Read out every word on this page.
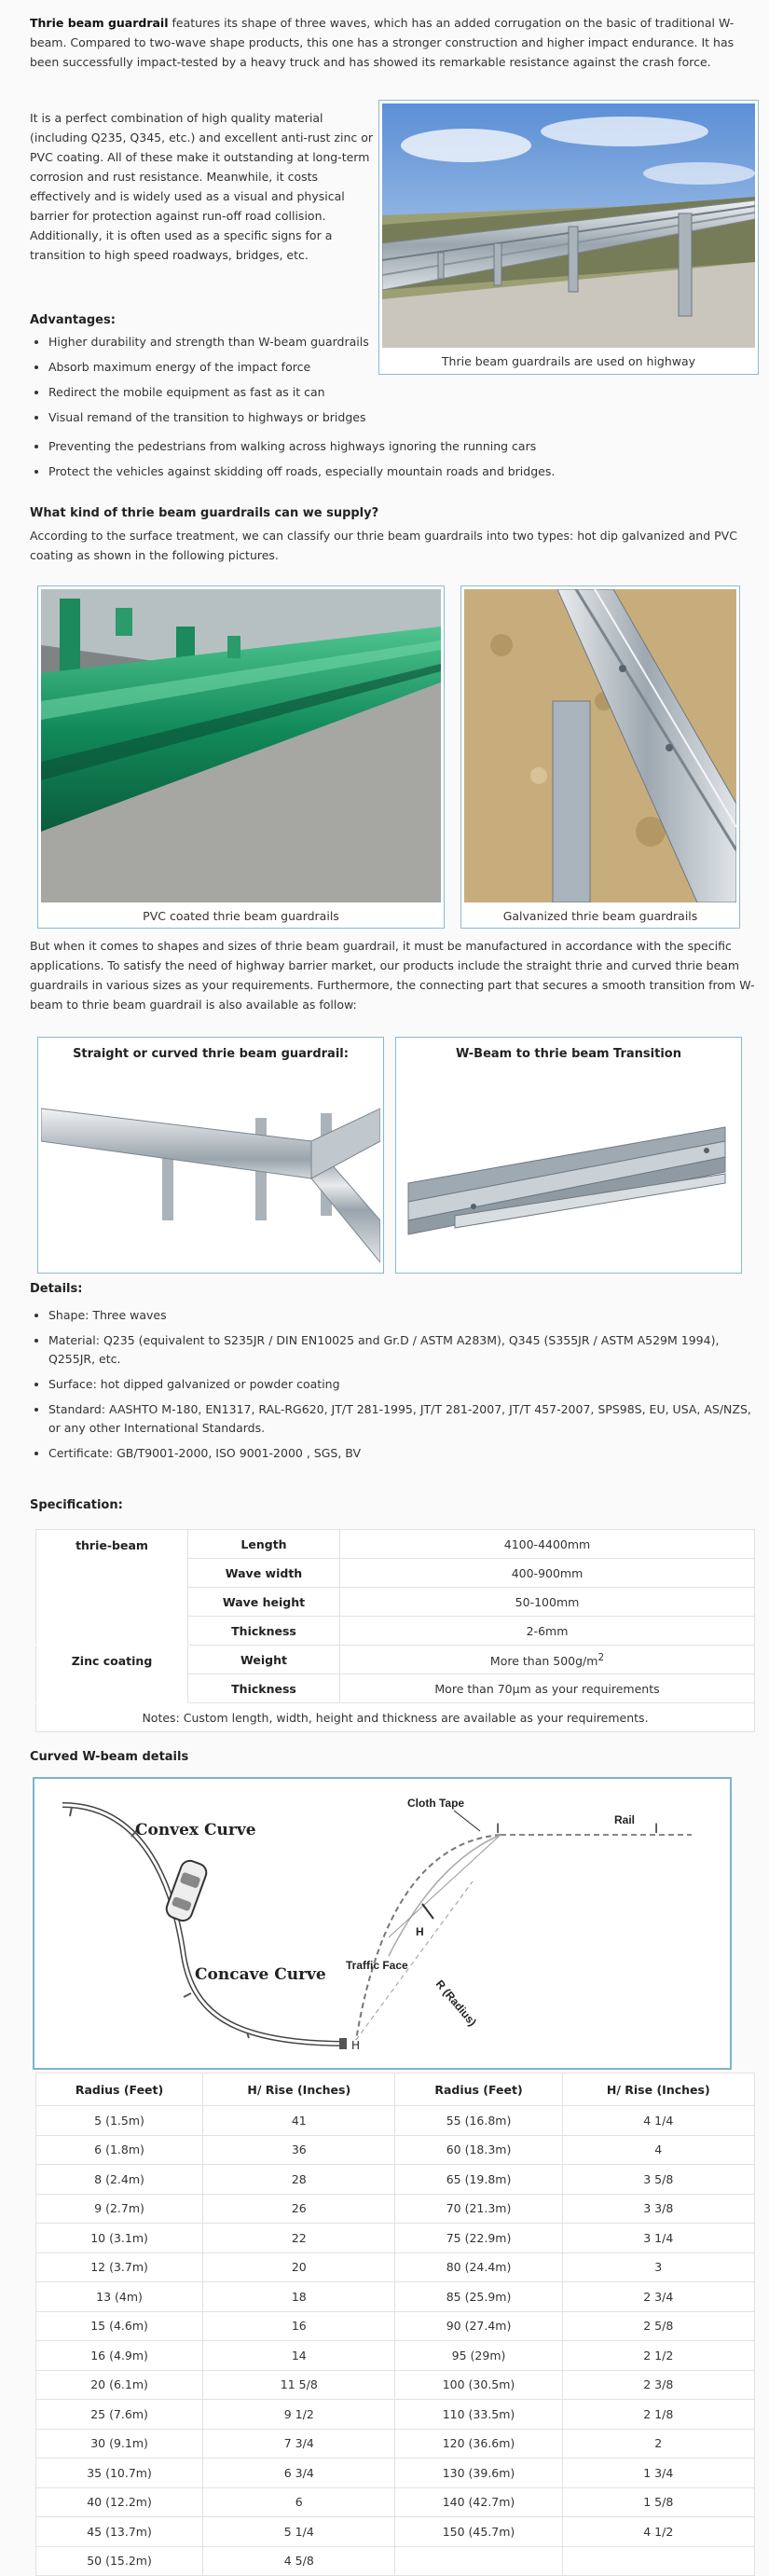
Thrie beam guardrail features its shape of three waves, which has an added corrugation on the basic of traditional W-beam. Compared to two-wave shape products, this one has a stronger construction and higher impact endurance. It has been successfully impact-tested by a heavy truck and has showed its remarkable resistance against the crash force.

It is a perfect combination of high quality material (including Q235, Q345, etc.) and excellent anti-rust zinc or PVC coating. All of these make it outstanding at long-term corrosion and rust resistance. Meanwhile, it costs effectively and is widely used as a visual and physical barrier for protection against run-off road collision. Additionally, it is often used as a specific signs for a transition to high speed roadways, bridges, etc.

Thrie beam guardrails are used on highway
Advantages:
• Higher durability and strength than W-beam guardrails
• Absorb maximum energy of the impact force
• Redirect the mobile equipment as fast as it can
• Visual remand of the transition to highways or bridges
• Preventing the pedestrians from walking across highways ignoring the running cars
• Protect the vehicles against skidding off roads, especially mountain roads and bridges.
What kind of thrie beam guardrails can we supply?

According to the surface treatment, we can classify our thrie beam guardrails into two types: hot dip galvanized and PVC coating as shown in the following pictures.

PVC coated thrie beam guardrails	Galvanized thrie beam guardrails

But when it comes to shapes and sizes of thrie beam guardrail, it must be manufactured in accordance with the specific applications. To satisfy the need of highway barrier market, our products include the straight thrie and curved thrie beam guardrails in various sizes as your requirements. Furthermore, the connecting part that secures a smooth transition from W-beam to thrie beam guardrail is also available as follow:

Straight or curved thrie beam guardrail:	W-Beam to thrie beam Transition
Details:
• Shape: Three waves
• Material: Q235 (equivalent to S235JR / DIN EN10025 and Gr.D / ASTM A283M), Q345 (S355JR / ASTM A529M 1994), Q255JR, etc.
• Surface: hot dipped galvanized or powder coating
• Standard: AASHTO M-180, EN1317, RAL-RG620, JT/T 281-1995, JT/T 281-2007, JT/T 457-2007, SPS98S, EU, USA, AS/NZS, or any other International Standards.
• Certificate: GB/T9001-2000, ISO 9001-2000 , SGS, BV
Specification:
thrie-beam	Length	4100-4400mm
	Wave width	400-900mm
	Wave height	50-100mm
	Thickness	2-6mm
Zinc coating	Weight	More than $500g/m^2$
	Thickness	More than 70μm as your requirements
Notes: Custom length, width, height and thickness are available as your requirements.		
Curved W-beam details
Convex Curve
Concave Curve
I	I
H
Cloth Tape
Rail
H
Traffic Face
R (Radius)
Radius (Feet)	H/ Rise (Inches)	Radius (Feet)	H/ Rise (Inches)
5 (1.5m)	41	55 (16.8m)	4 1/4
6 (1.8m)	36	60 (18.3m)	4
8 (2.4m)	28	65 (19.8m)	3 5/8
9 (2.7m)	26	70 (21.3m)	3 3/8
10 (3.1m)	22	75 (22.9m)	3 1/4
12 (3.7m)	20	80 (24.4m)	3
13 (4m)	18	85 (25.9m)	2 3/4
15 (4.6m)	16	90 (27.4m)	2 5/8
16 (4.9m)	14	95 (29m)	2 1/2
20 (6.1m)	11 5/8	100 (30.5m)	2 3/8
25 (7.6m)	9 1/2	110 (33.5m)	2 1/8
30 (9.1m)	7 3/4	120 (36.6m)	2
35 (10.7m)	6 3/4	130 (39.6m)	1 3/4
40 (12.2m)	6	140 (42.7m)	1 5/8
45 (13.7m)	5 1/4	150 (45.7m)	4 1/2
50 (15.2m)	4 5/8		
